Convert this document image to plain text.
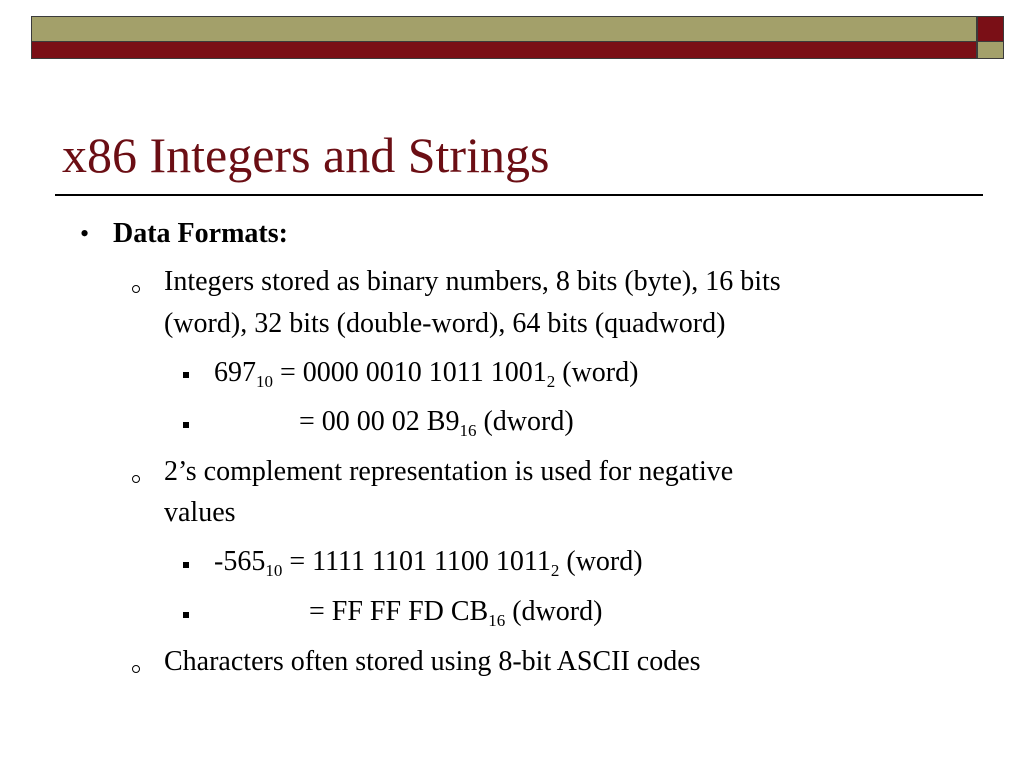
x86 Integers and Strings
• Data Formats:
Integers stored as binary numbers, 8 bits (byte), 16 bits
(word), 32 bits (double-word), 64 bits (quadword)
$697_{10} = 0000$ 0010 1011 $1001_2$ (word)
= 00 00 02 $B9_{16}$ (dword)
2’s complement representation is used for negative
values
$-565_{10} = 1111$ 1101 1100 $1011_2$ (word)
= FF FF FD $CB_{16}$ (dword)
Characters often stored using 8-bit ASCII codes
